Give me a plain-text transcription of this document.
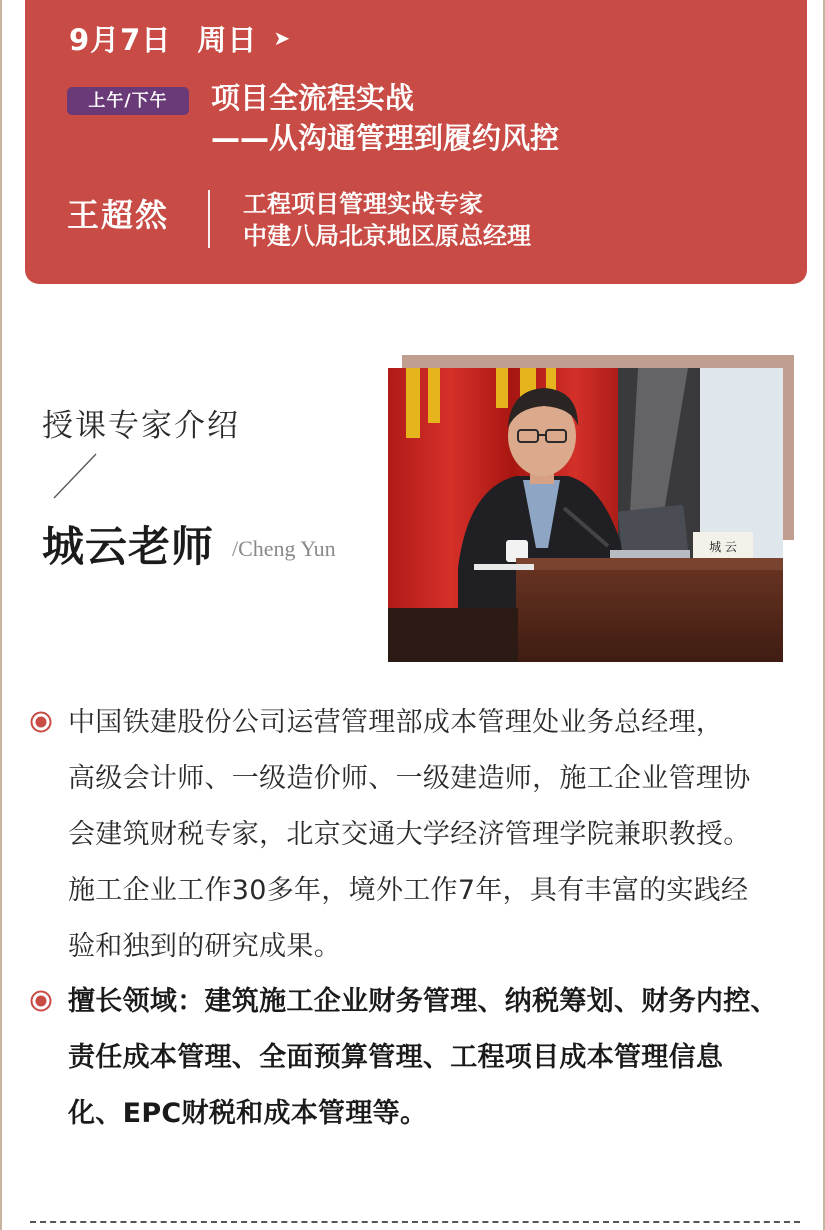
9月7日 周日 ➤
上午/下午	项目全流程实战
——从沟通管理到履约风控
王超然	工程项目管理实战专家
中建八局北京地区原总经理
授课专家介绍
城云老师 /Cheng Yun	城 云
中国铁建股份公司运营管理部成本管理处业务总经理，
高级会计师、一级造价师、一级建造师，施工企业管理协
会建筑财税专家，北京交通大学经济管理学院兼职教授。
施工企业工作30多年，境外工作7年，具有丰富的实践经
验和独到的研究成果。
擅长领域：建筑施工企业财务管理、纳税筹划、财务内控、
责任成本管理、全面预算管理、工程项目成本管理信息
化、EPC财税和成本管理等。
